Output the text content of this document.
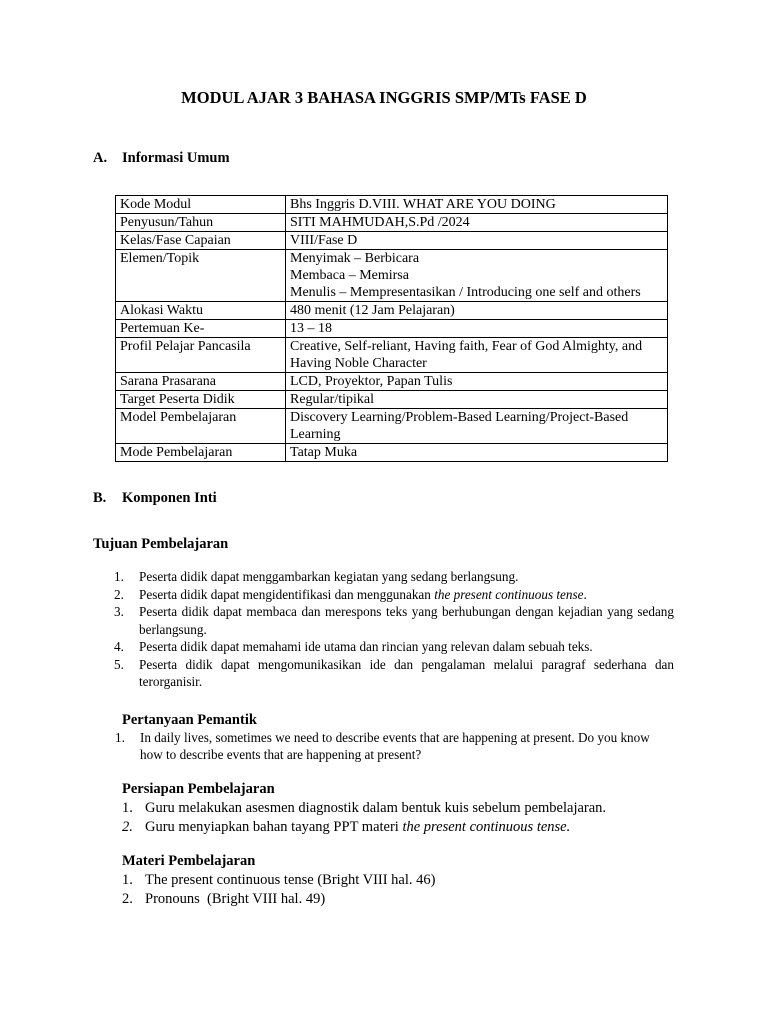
MODUL AJAR 3 BAHASA INGGRIS SMP/MTs FASE D
A. Informasi Umum
Kode Modul	Bhs Inggris D.VIII. WHAT ARE YOU DOING
Penyusun/Tahun	SITI MAHMUDAH,S.Pd /2024
Kelas/Fase Capaian	VIII/Fase D
Elemen/Topik	Menyimak – Berbicara
Membaca – Memirsa
Menulis – Mempresentasikan / Introducing one self and others

Alokasi Waktu	480 menit (12 Jam Pelajaran)
Pertemuan Ke-	13 – 18
Profil Pelajar Pancasila	Creative, Self-reliant, Having faith, Fear of God Almighty, and Having Noble Character
Sarana Prasarana	LCD, Proyektor, Papan Tulis
Target Peserta Didik	Regular/tipikal
Model Pembelajaran	Discovery Learning/Problem-Based Learning/Project-Based Learning
Mode Pembelajaran	Tatap Muka
B. Komponen Inti
Tujuan Pembelajaran
1. Peserta didik dapat menggambarkan kegiatan yang sedang berlangsung.
2. Peserta didik dapat mengidentifikasi dan menggunakan the present continuous tense.
3. Peserta didik dapat membaca dan merespons teks yang berhubungan dengan kejadian yang sedang berlangsung.
4. Peserta didik dapat memahami ide utama dan rincian yang relevan dalam sebuah teks.
5. Peserta didik dapat mengomunikasikan ide dan pengalaman melalui paragraf sederhana dan terorganisir.
Pertanyaan Pemantik
1. In daily lives, sometimes we need to describe events that are happening at present. Do you know how to describe events that are happening at present?
Persiapan Pembelajaran
1. Guru melakukan asesmen diagnostik dalam bentuk kuis sebelum pembelajaran.
2. Guru menyiapkan bahan tayang PPT materi the present continuous tense.
Materi Pembelajaran
1. The present continuous tense (Bright VIII hal. 46)
2. Pronouns  (Bright VIII hal. 49)
